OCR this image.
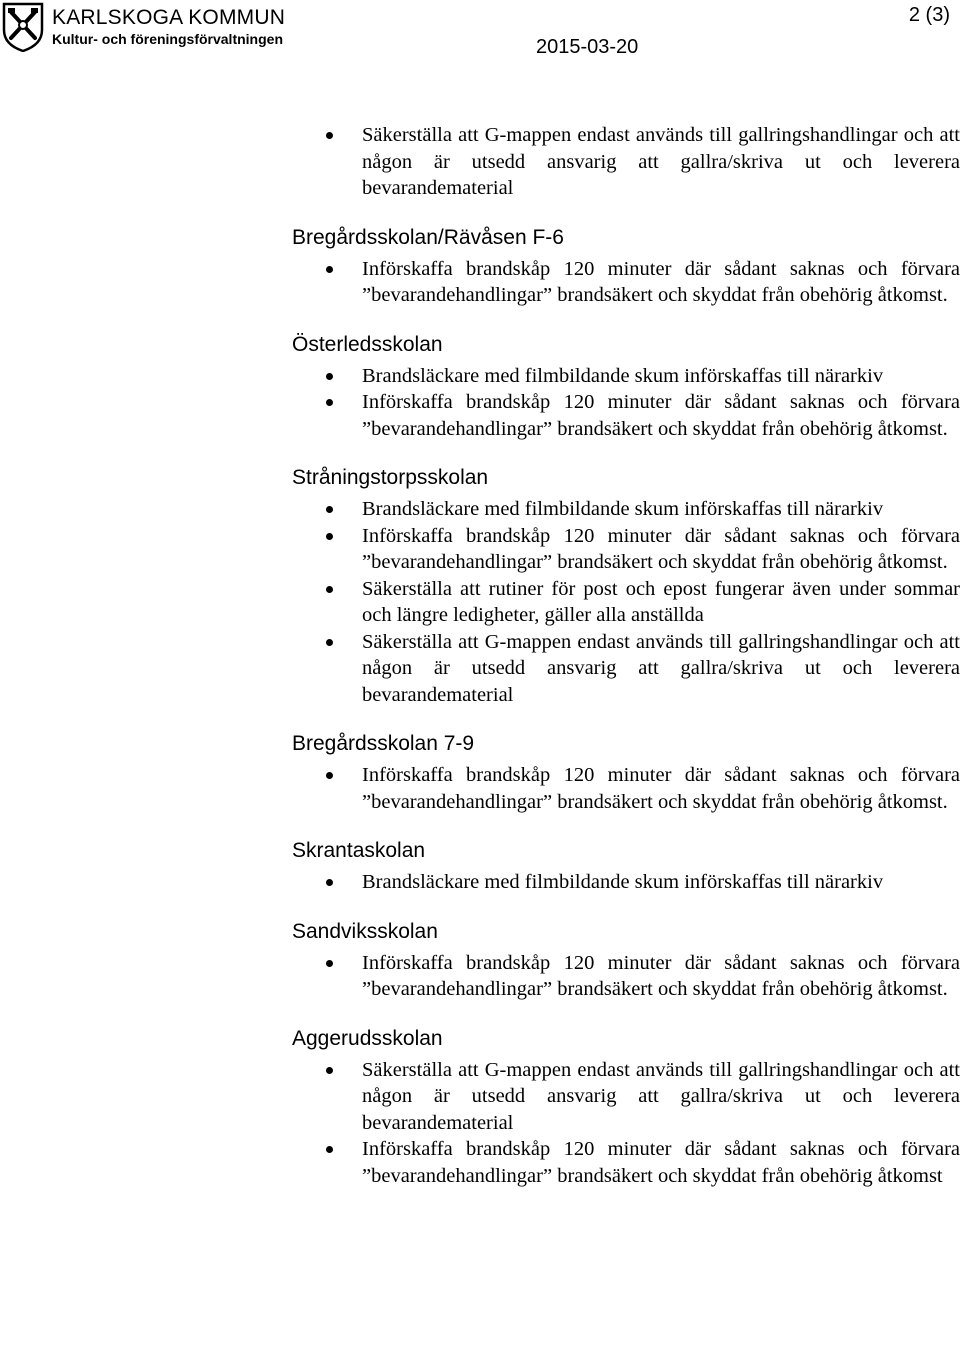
KARLSKOGA KOMMUN
Kultur- och föreningsförvaltningen	2015-03-20
2 (3)
Säkerställa att G-mappen endast används till gallringshandlingar och att någon är utsedd ansvarig att gallra/skriva ut och leverera bevarandematerial
Bregårdsskolan/Rävåsen F-6
Införskaffa brandskåp 120 minuter där sådant saknas och förvara ”bevarandehandlingar” brandsäkert och skyddat från obehörig åtkomst.
Österledsskolan
Brandsläckare med filmbildande skum införskaffas till närarkiv
Införskaffa brandskåp 120 minuter där sådant saknas och förvara ”bevarandehandlingar” brandsäkert och skyddat från obehörig åtkomst.
Stråningstorpsskolan
Brandsläckare med filmbildande skum införskaffas till närarkiv
Införskaffa brandskåp 120 minuter där sådant saknas och förvara ”bevarandehandlingar” brandsäkert och skyddat från obehörig åtkomst.
Säkerställa att rutiner för post och epost fungerar även under sommar och längre ledigheter, gäller alla anställda
Säkerställa att G-mappen endast används till gallringshandlingar och att någon är utsedd ansvarig att gallra/skriva ut och leverera bevarandematerial
Bregårdsskolan 7-9
Införskaffa brandskåp 120 minuter där sådant saknas och förvara ”bevarandehandlingar” brandsäkert och skyddat från obehörig åtkomst.
Skrantaskolan
Brandsläckare med filmbildande skum införskaffas till närarkiv
Sandviksskolan
Införskaffa brandskåp 120 minuter där sådant saknas och förvara ”bevarandehandlingar” brandsäkert och skyddat från obehörig åtkomst.
Aggerudsskolan
Säkerställa att G-mappen endast används till gallringshandlingar och att någon är utsedd ansvarig att gallra/skriva ut och leverera bevarandematerial
Införskaffa brandskåp 120 minuter där sådant saknas och förvara ”bevarandehandlingar” brandsäkert och skyddat från obehörig åtkomst
